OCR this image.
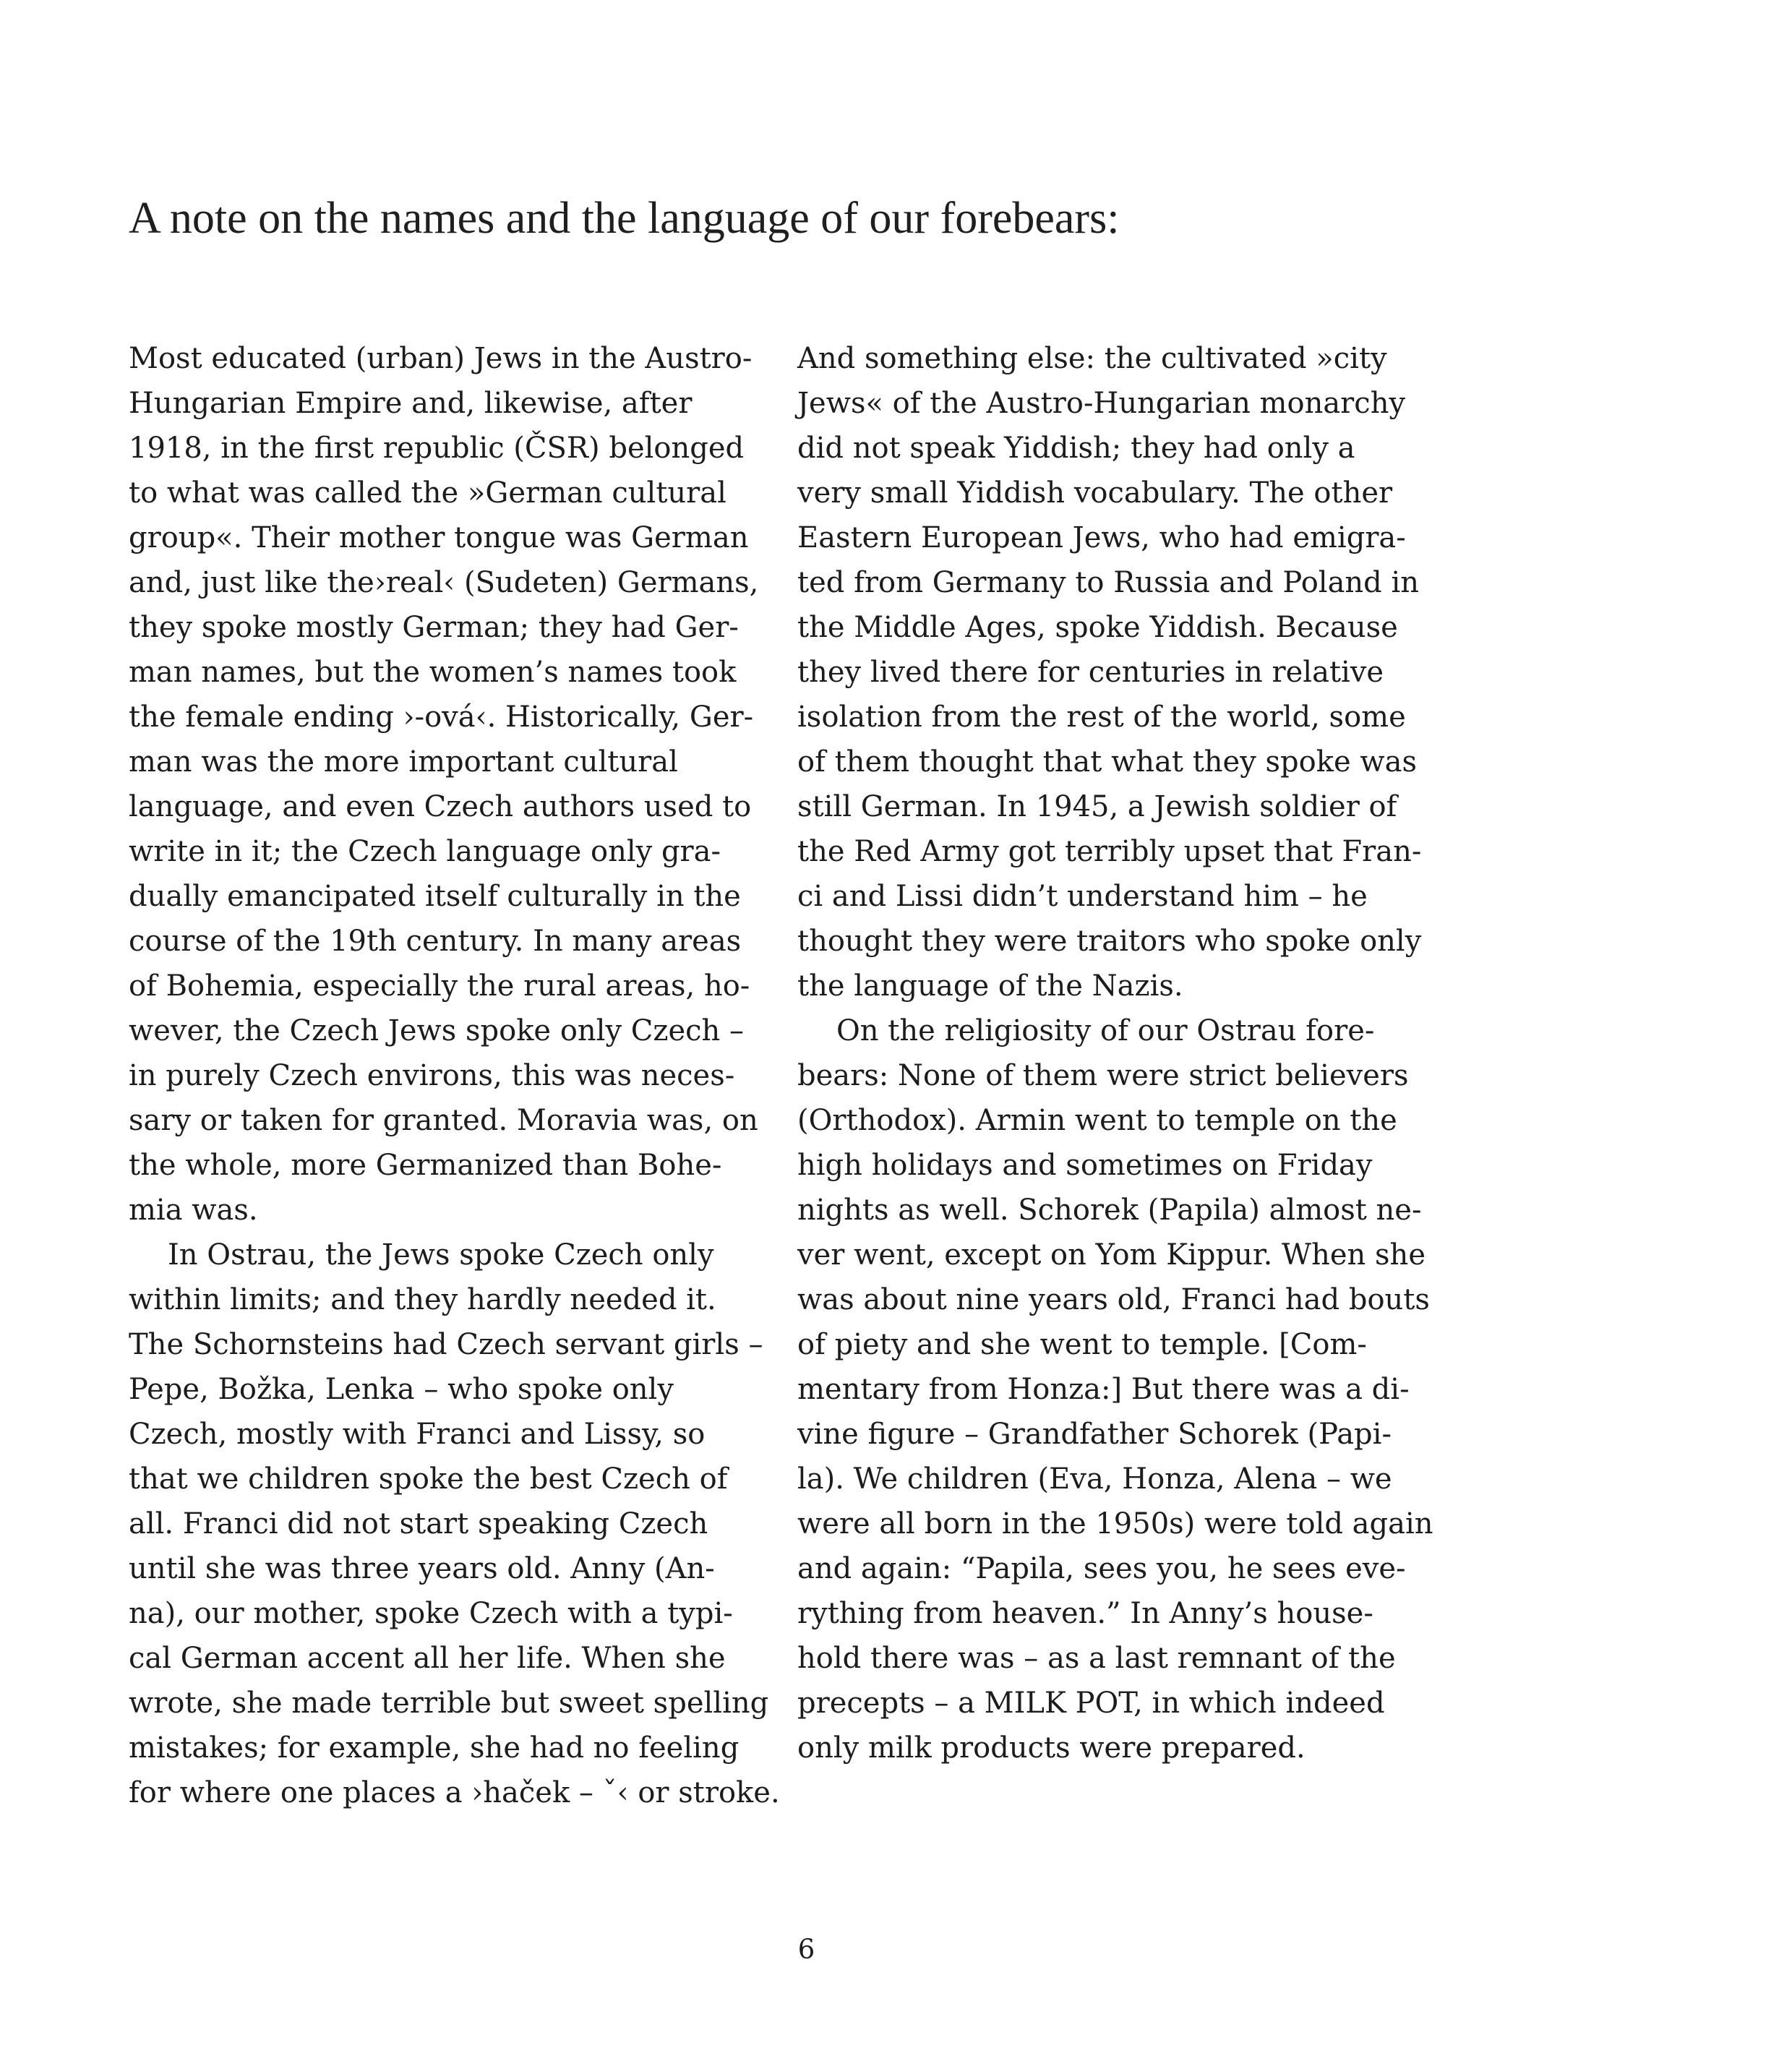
A note on the names and the language of our forebears:
Most educated (urban) Jews in the Austro-
Hungarian Empire and, likewise, after
1918, in the first republic (ČSR) belonged
to what was called the »German cultural
group«. Their mother tongue was German
and, just like the›real‹ (Sudeten) Germans,
they spoke mostly German; they had Ger-
man names, but the women’s names took
the female ending ›-ová‹. Historically, Ger-
man was the more important cultural
language, and even Czech authors used to
write in it; the Czech language only gra-
dually emancipated itself culturally in the
course of the 19th century. In many areas
of Bohemia, especially the rural areas, ho-
wever, the Czech Jews spoke only Czech –
in purely Czech environs, this was neces-
sary or taken for granted. Moravia was, on
the whole, more Germanized than Bohe-
mia was.
In Ostrau, the Jews spoke Czech only
within limits; and they hardly needed it.
The Schornsteins had Czech servant girls –
Pepe, Božka, Lenka – who spoke only
Czech, mostly with Franci and Lissy, so
that we children spoke the best Czech of
all. Franci did not start speaking Czech
until she was three years old. Anny (An-
na), our mother, spoke Czech with a typi-
cal German accent all her life. When she
wrote, she made terrible but sweet spelling
mistakes; for example, she had no feeling
for where one places a ›haček – ˇ‹ or stroke.
And something else: the cultivated »city
Jews« of the Austro-Hungarian monarchy
did not speak Yiddish; they had only a
very small Yiddish vocabulary. The other
Eastern European Jews, who had emigra-
ted from Germany to Russia and Poland in
the Middle Ages, spoke Yiddish. Because
they lived there for centuries in relative
isolation from the rest of the world, some
of them thought that what they spoke was
still German. In 1945, a Jewish soldier of
the Red Army got terribly upset that Fran-
ci and Lissi didn’t understand him – he
thought they were traitors who spoke only
the language of the Nazis.
On the religiosity of our Ostrau fore-
bears: None of them were strict believers
(Orthodox). Armin went to temple on the
high holidays and sometimes on Friday
nights as well. Schorek (Papila) almost ne-
ver went, except on Yom Kippur. When she
was about nine years old, Franci had bouts
of piety and she went to temple. [Com-
mentary from Honza:] But there was a di-
vine figure – Grandfather Schorek (Papi-
la). We children (Eva, Honza, Alena – we
were all born in the 1950s) were told again
and again: “Papila, sees you, he sees eve-
rything from heaven.” In Anny’s house-
hold there was – as a last remnant of the
precepts – a MILK POT, in which indeed
only milk products were prepared.
6
